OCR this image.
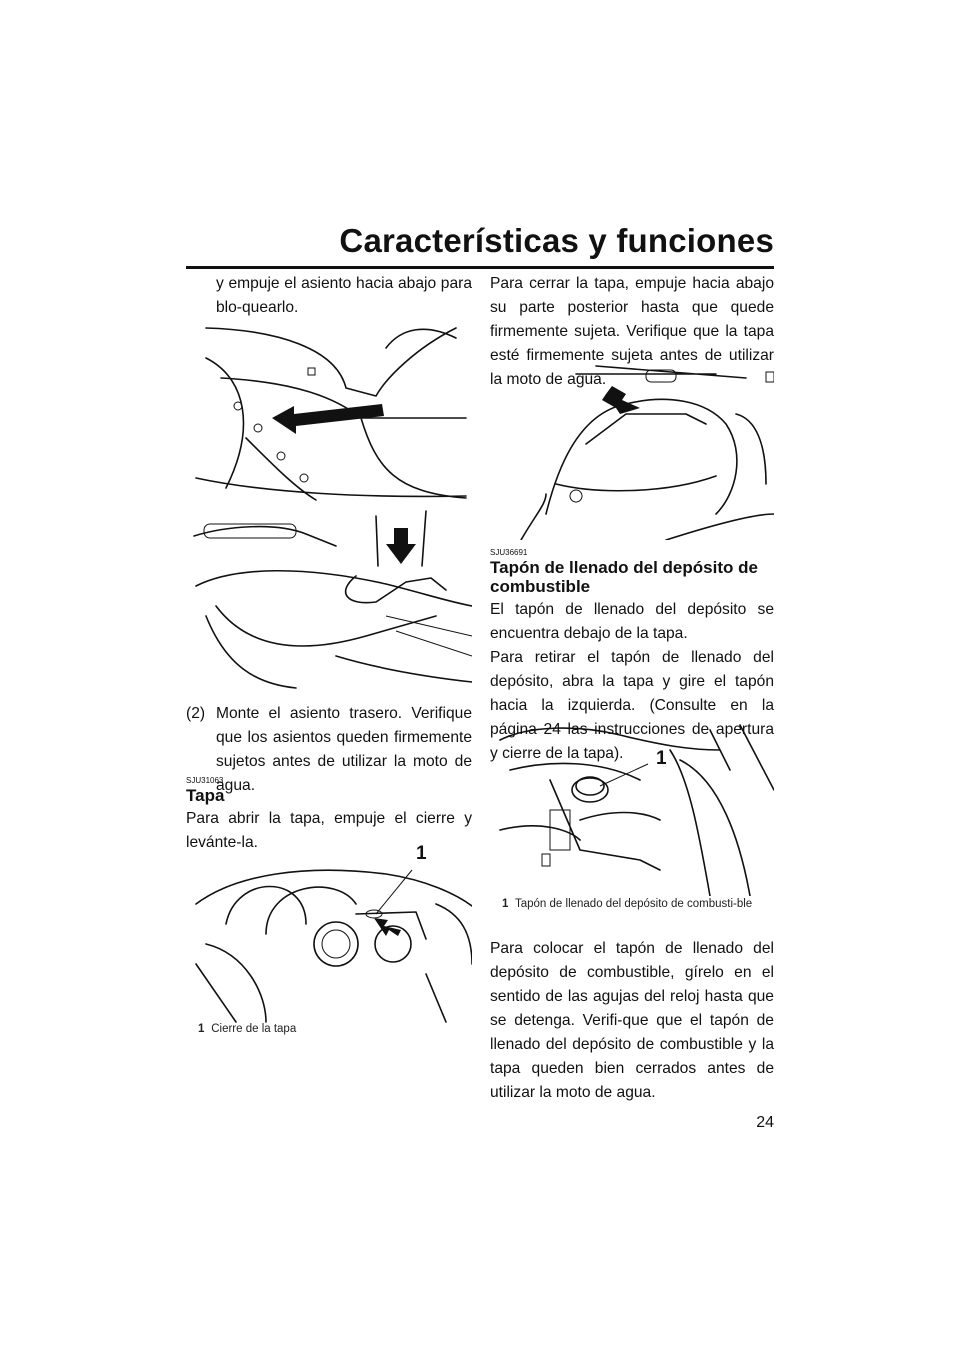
Características y funciones

y empuje el asiento hacia abajo para blo-quearlo.

(2) Monte el asiento trasero. Verifique que los asientos queden firmemente sujetos antes de utilizar la moto de agua.

SJU31063

Tapa

Para abrir la tapa, empuje el cierre y levánte-la.

1
1 Cierre de la tapa

Para cerrar la tapa, empuje hacia abajo su parte posterior hasta que quede firmemente sujeta. Verifique que la tapa esté firmemente sujeta antes de utilizar la moto de agua.

SJU36691

Tapón de llenado del depósito de combustible

El tapón de llenado del depósito se encuentra debajo de la tapa.

Para retirar el tapón de llenado del depósito, abra la tapa y gire el tapón hacia la izquierda. (Consulte en la página 24 las instrucciones de apertura y cierre de la tapa).	1
1 Tapón de llenado del depósito de combusti-ble

Para colocar el tapón de llenado del depósito de combustible, gírelo en el sentido de las agujas del reloj hasta que se detenga. Verifi-que que el tapón de llenado del depósito de combustible y la tapa queden bien cerrados antes de utilizar la moto de agua.

24
